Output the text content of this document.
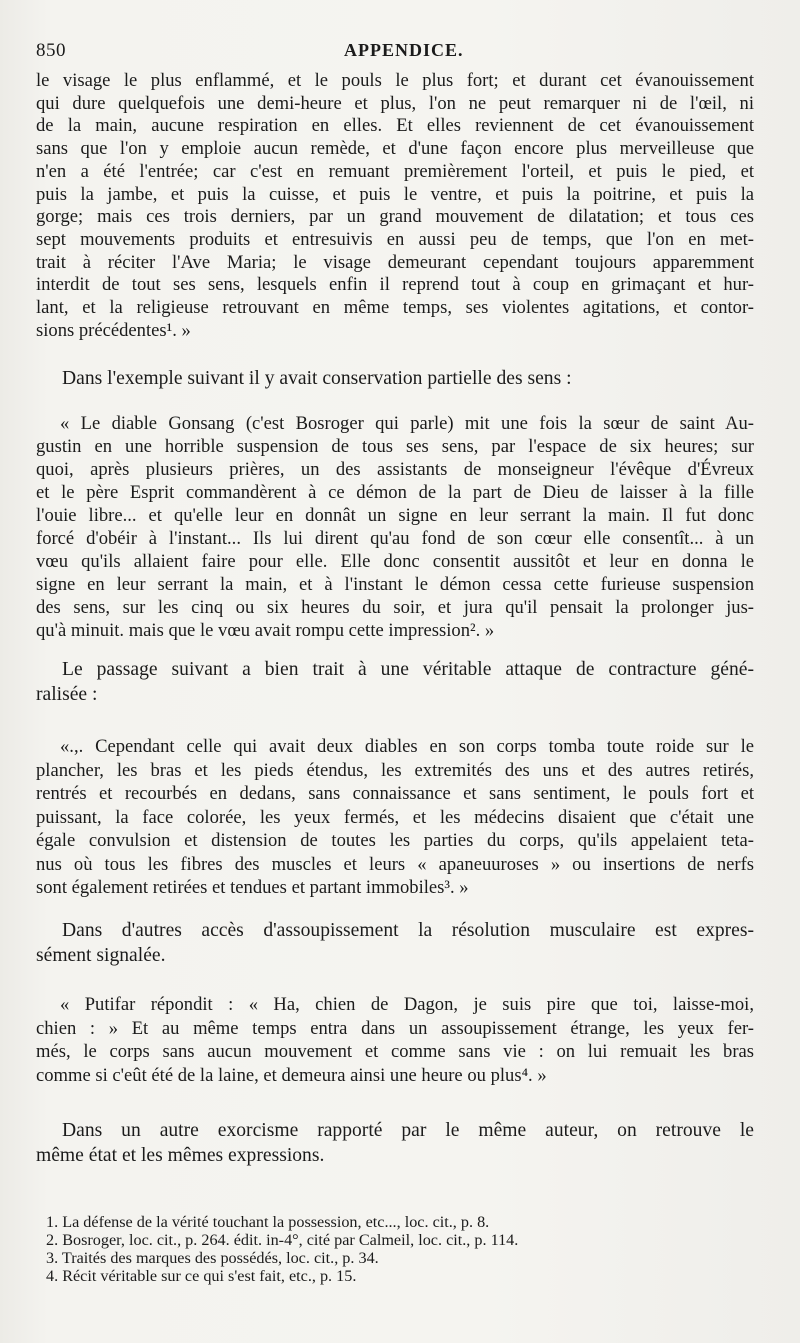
850	APPENDICE.

le visage le plus enflammé, et le pouls le plus fort; et durant cet évanouissement
qui dure quelquefois une demi-heure et plus, l'on ne peut remarquer ni de l'œil, ni
de la main, aucune respiration en elles. Et elles reviennent de cet évanouissement
sans que l'on y emploie aucun remède, et d'une façon encore plus merveilleuse que
n'en a été l'entrée; car c'est en remuant premièrement l'orteil, et puis le pied, et
puis la jambe, et puis la cuisse, et puis le ventre, et puis la poitrine, et puis la
gorge; mais ces trois derniers, par un grand mouvement de dilatation; et tous ces
sept mouvements produits et entresuivis en aussi peu de temps, que l'on en met-
trait à réciter l'Ave Maria; le visage demeurant cependant toujours apparemment
interdit de tout ses sens, lesquels enfin il reprend tout à coup en grimaçant et hur-
lant, et la religieuse retrouvant en même temps, ses violentes agitations, et contor-
sions précédentes¹. »

Dans l'exemple suivant il y avait conservation partielle des sens :

« Le diable Gonsang (c'est Bosroger qui parle) mit une fois la sœur de saint Au-
gustin en une horrible suspension de tous ses sens, par l'espace de six heures; sur
quoi, après plusieurs prières, un des assistants de monseigneur l'évêque d'Évreux
et le père Esprit commandèrent à ce démon de la part de Dieu de laisser à la fille
l'ouie libre... et qu'elle leur en donnât un signe en leur serrant la main. Il fut donc
forcé d'obéir à l'instant... Ils lui dirent qu'au fond de son cœur elle consentît... à un
vœu qu'ils allaient faire pour elle. Elle donc consentit aussitôt et leur en donna le
signe en leur serrant la main, et à l'instant le démon cessa cette furieuse suspension
des sens, sur les cinq ou six heures du soir, et jura qu'il pensait la prolonger jus-
qu'à minuit. mais que le vœu avait rompu cette impression². »

Le passage suivant a bien trait à une véritable attaque de contracture géné-
ralisée :

«.,. Cependant celle qui avait deux diables en son corps tomba toute roide sur le
plancher, les bras et les pieds étendus, les extremités des uns et des autres retirés,
rentrés et recourbés en dedans, sans connaissance et sans sentiment, le pouls fort et
puissant, la face colorée, les yeux fermés, et les médecins disaient que c'était une
égale convulsion et distension de toutes les parties du corps, qu'ils appelaient teta-
nus où tous les fibres des muscles et leurs « apaneuuroses » ou insertions de nerfs
sont également retirées et tendues et partant immobiles³. »

Dans d'autres accès d'assoupissement la résolution musculaire est expres-
sément signalée.

« Putifar répondit : « Ha, chien de Dagon, je suis pire que toi, laisse-moi,
chien : » Et au même temps entra dans un assoupissement étrange, les yeux fer-
més, le corps sans aucun mouvement et comme sans vie : on lui remuait les bras
comme si c'eût été de la laine, et demeura ainsi une heure ou plus⁴. »

Dans un autre exorcisme rapporté par le même auteur, on retrouve le
même état et les mêmes expressions.

1. La défense de la vérité touchant la possession, etc..., loc. cit., p. 8.
2. Bosroger, loc. cit., p. 264. édit. in-4°, cité par Calmeil, loc. cit., p. 114.
3. Traités des marques des possédés, loc. cit., p. 34.
4. Récit véritable sur ce qui s'est fait, etc., p. 15.
